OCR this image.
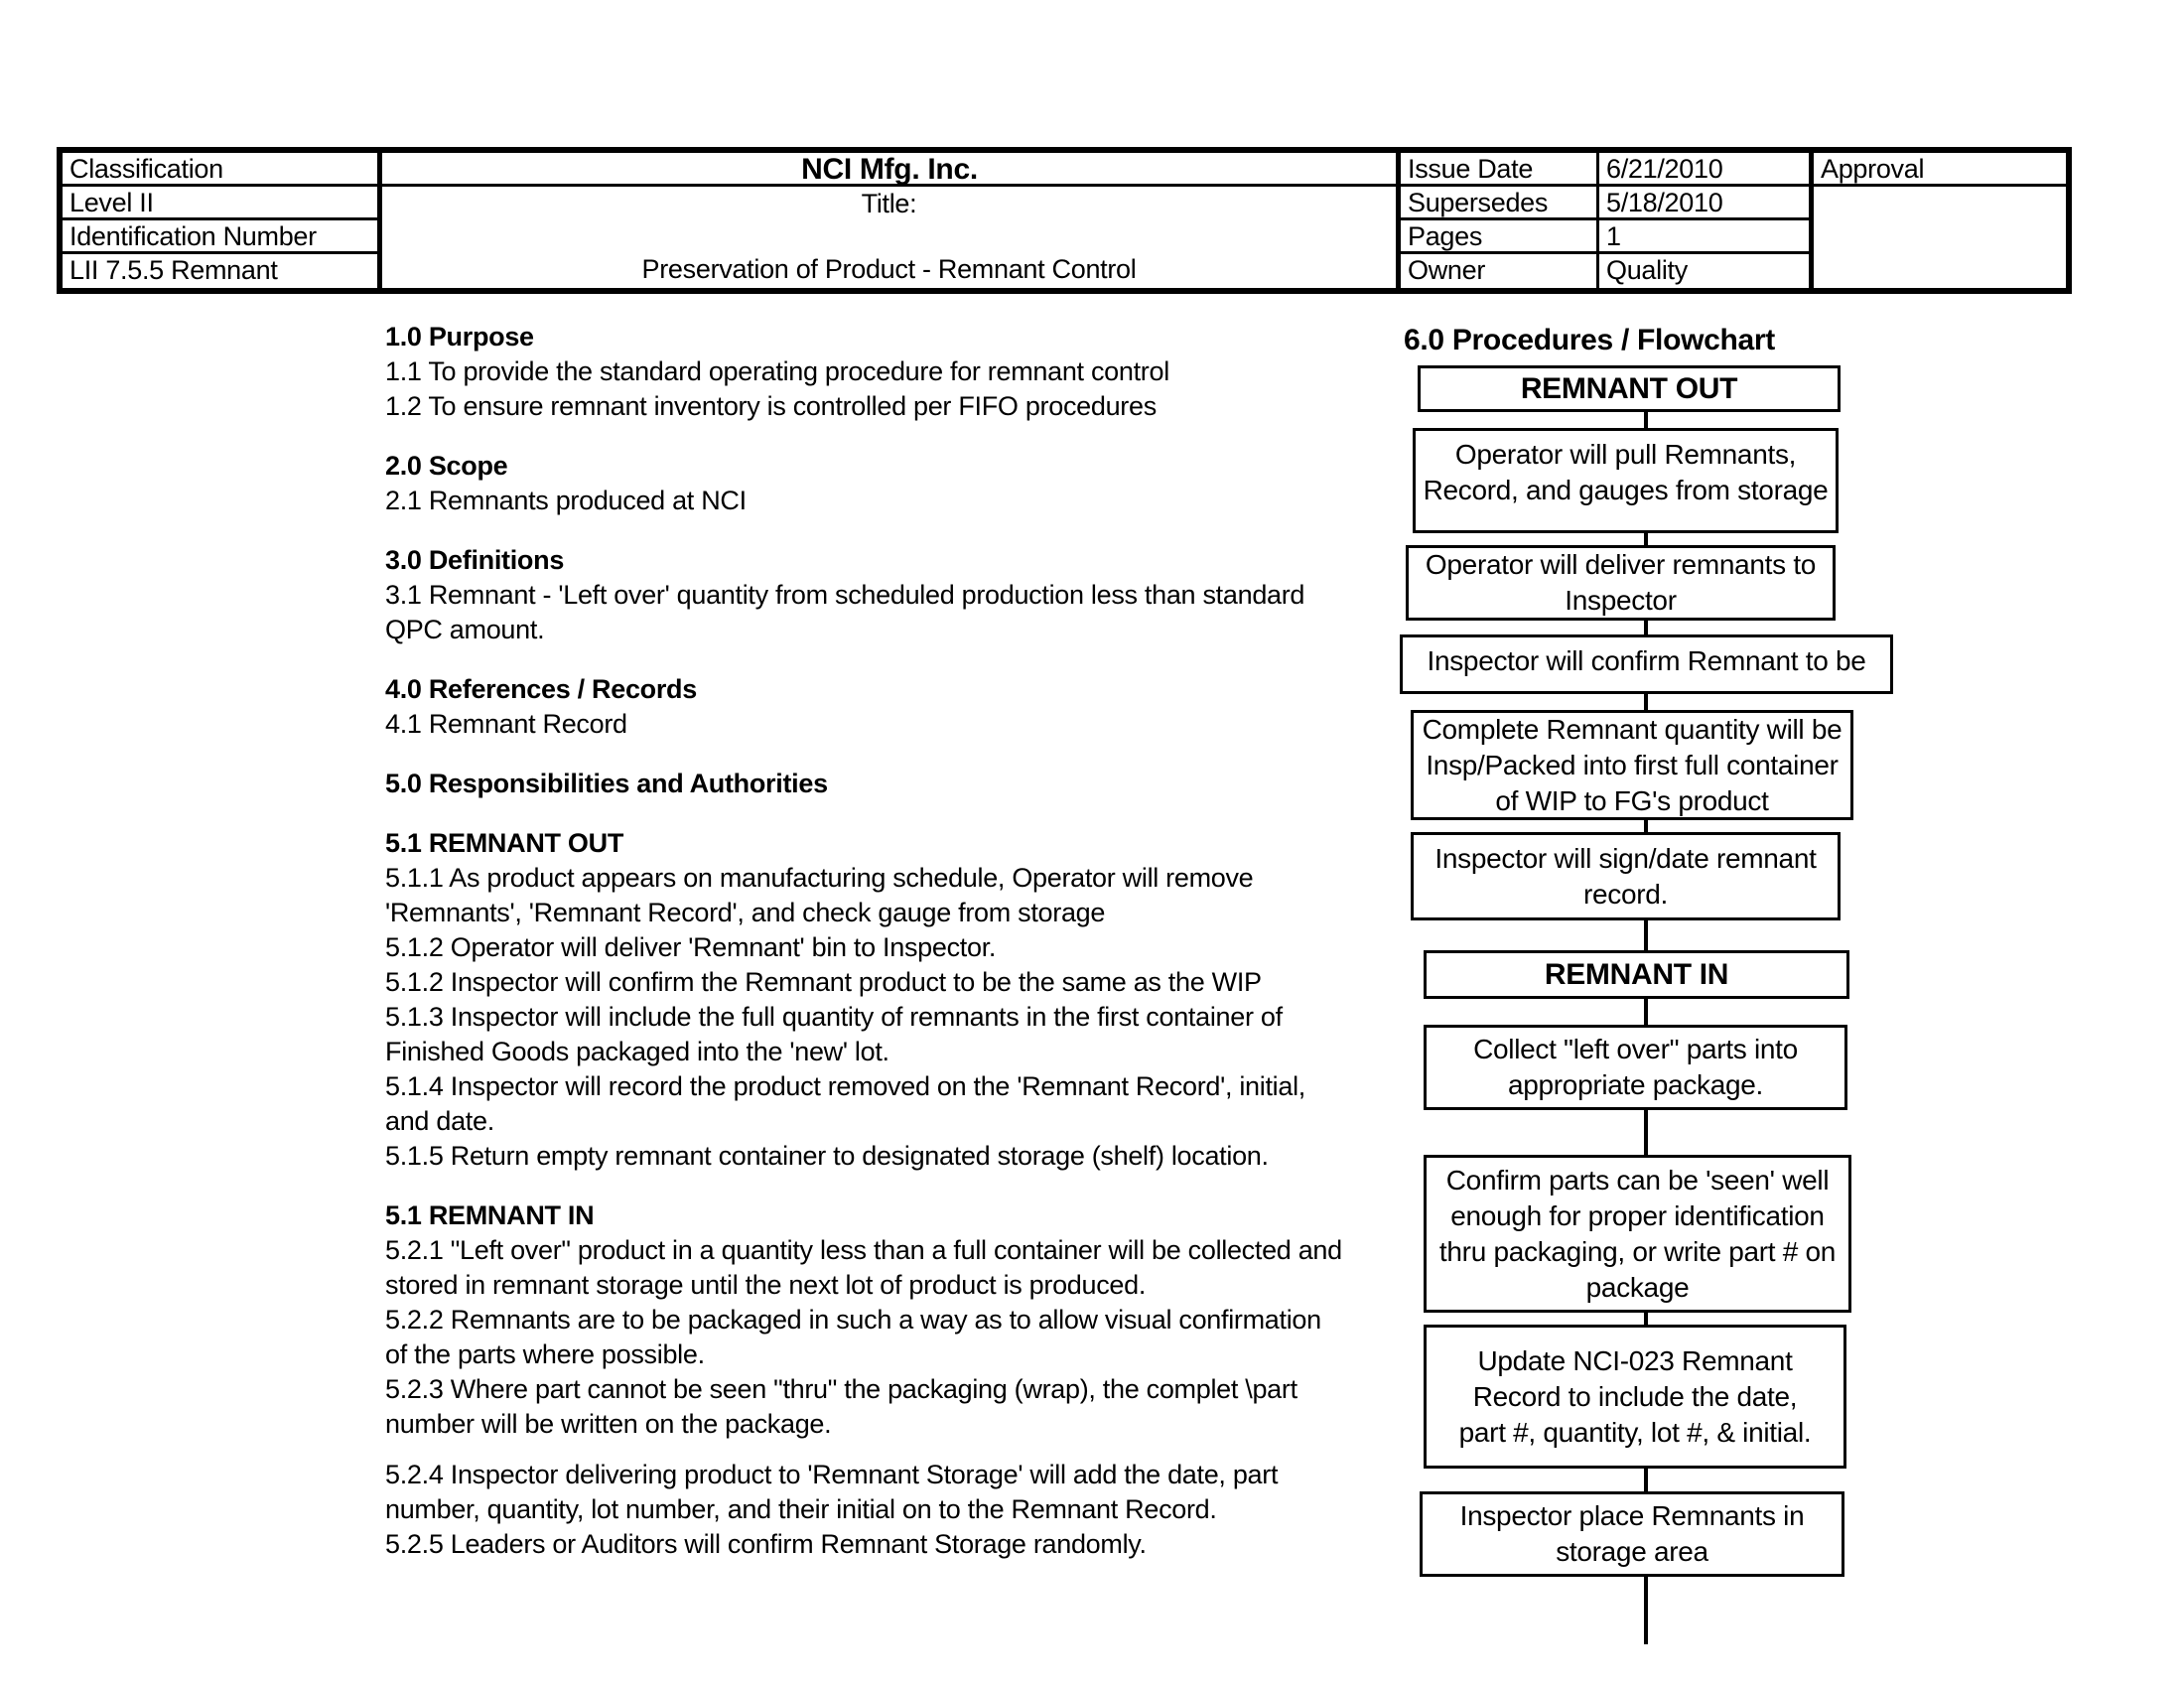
Classification
Level II
Identification Number
LII 7.5.5 Remnant
NCI Mfg. Inc.
Title:
Preservation of Product - Remnant Control
Issue Date	6/21/2010
Supersedes	5/18/2010
Pages	1
Owner	Quality
Approval
1.0 Purpose
1.1 To provide the standard operating procedure for remnant control
1.2 To ensure remnant inventory is controlled per FIFO procedures
2.0 Scope
2.1 Remnants produced at NCI
3.0 Definitions
3.1 Remnant - 'Left over' quantity from scheduled production less than standard
QPC amount.
4.0 References / Records
4.1 Remnant Record
5.0 Responsibilities and Authorities
5.1 REMNANT OUT
5.1.1 As product appears on manufacturing schedule, Operator will remove
'Remnants', 'Remnant Record', and check gauge from storage
5.1.2 Operator will deliver 'Remnant' bin to Inspector.
5.1.2 Inspector will confirm the Remnant product to be the same as the WIP
5.1.3 Inspector will include the full quantity of remnants in the first container of
Finished Goods packaged into the 'new' lot.
5.1.4 Inspector will record the product removed on the 'Remnant Record', initial,
and date.
5.1.5 Return empty remnant container to designated storage (shelf) location.
5.1 REMNANT IN
5.2.1 "Left over" product in a quantity less than a full container will be collected and
stored in remnant storage until the next lot of product is produced.
5.2.2 Remnants are to be packaged in such a way as to allow visual confirmation
of the parts where possible.
5.2.3 Where part cannot be seen "thru" the packaging (wrap), the complet \part
number will be written on the package.
5.2.4 Inspector delivering product to 'Remnant Storage' will add the date, part
number, quantity, lot number, and their initial on to the Remnant Record.
5.2.5 Leaders or Auditors will confirm Remnant Storage randomly.
6.0 Procedures / Flowchart
REMNANT OUT
Operator will pull Remnants,
Record, and gauges from storage
Operator will deliver remnants to
Inspector
Inspector will confirm Remnant to be
Complete Remnant quantity will be
Insp/Packed into first full container
of WIP to FG's product
Inspector will sign/date remnant
record.
REMNANT IN
Collect "left over" parts into
appropriate package.
Confirm parts can be 'seen' well
enough for proper identification
thru packaging, or write part # on
package
Update NCI-023 Remnant
Record to include the date,
part #, quantity, lot #, & initial.
Inspector place Remnants in
storage area
